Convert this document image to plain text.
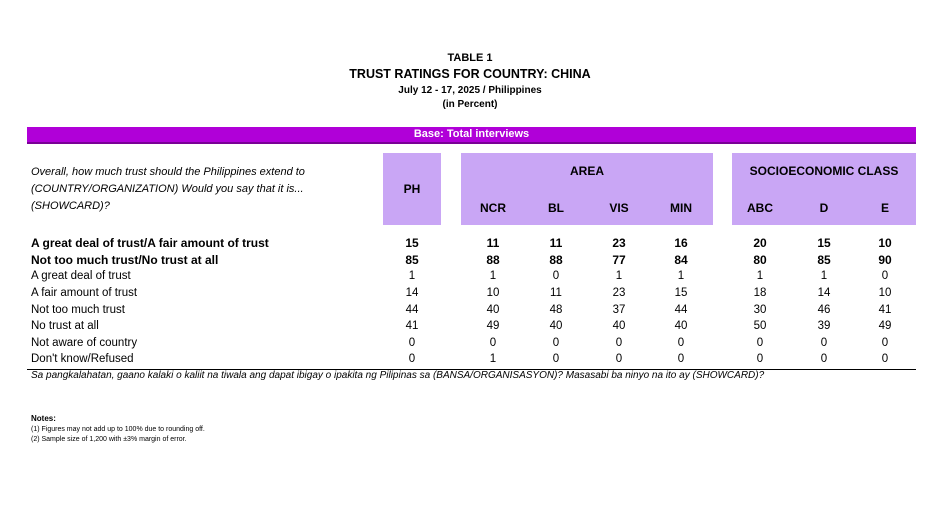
TABLE 1
TRUST RATINGS FOR COUNTRY: CHINA
July 12 - 17, 2025 / Philippines
(in Percent)
Base: Total interviews
Overall, how much trust should the Philippines extend to (COUNTRY/ORGANIZATION) Would you say that it is... (SHOWCARD)?
PH
AREA	SOCIOECONOMIC CLASS
NCR	BL	VIS	MIN	ABC	D	E
A great deal of trust/A fair amount of trust	15	11	11	23	16	20	15	10
Not too much trust/No trust at all	85	88	88	77	84	80	85	90
A great deal of trust	1	1	0	1	1	1	1	0
A fair amount of trust	14	10	11	23	15	18	14	10
Not too much trust	44	40	48	37	44	30	46	41
No trust at all	41	49	40	40	40	50	39	49
Not aware of country	0	0	0	0	0	0	0	0
Don't know/Refused	0	1	0	0	0	0	0	0
Sa pangkalahatan, gaano kalaki o kaliit na tiwala ang dapat ibigay o ipakita ng Pilipinas sa (BANSA/ORGANISASYON)? Masasabi ba ninyo na ito ay (SHOWCARD)?
Notes:
(1) Figures may not add up to 100% due to rounding off.
(2) Sample size of 1,200 with ±3% margin of error.
